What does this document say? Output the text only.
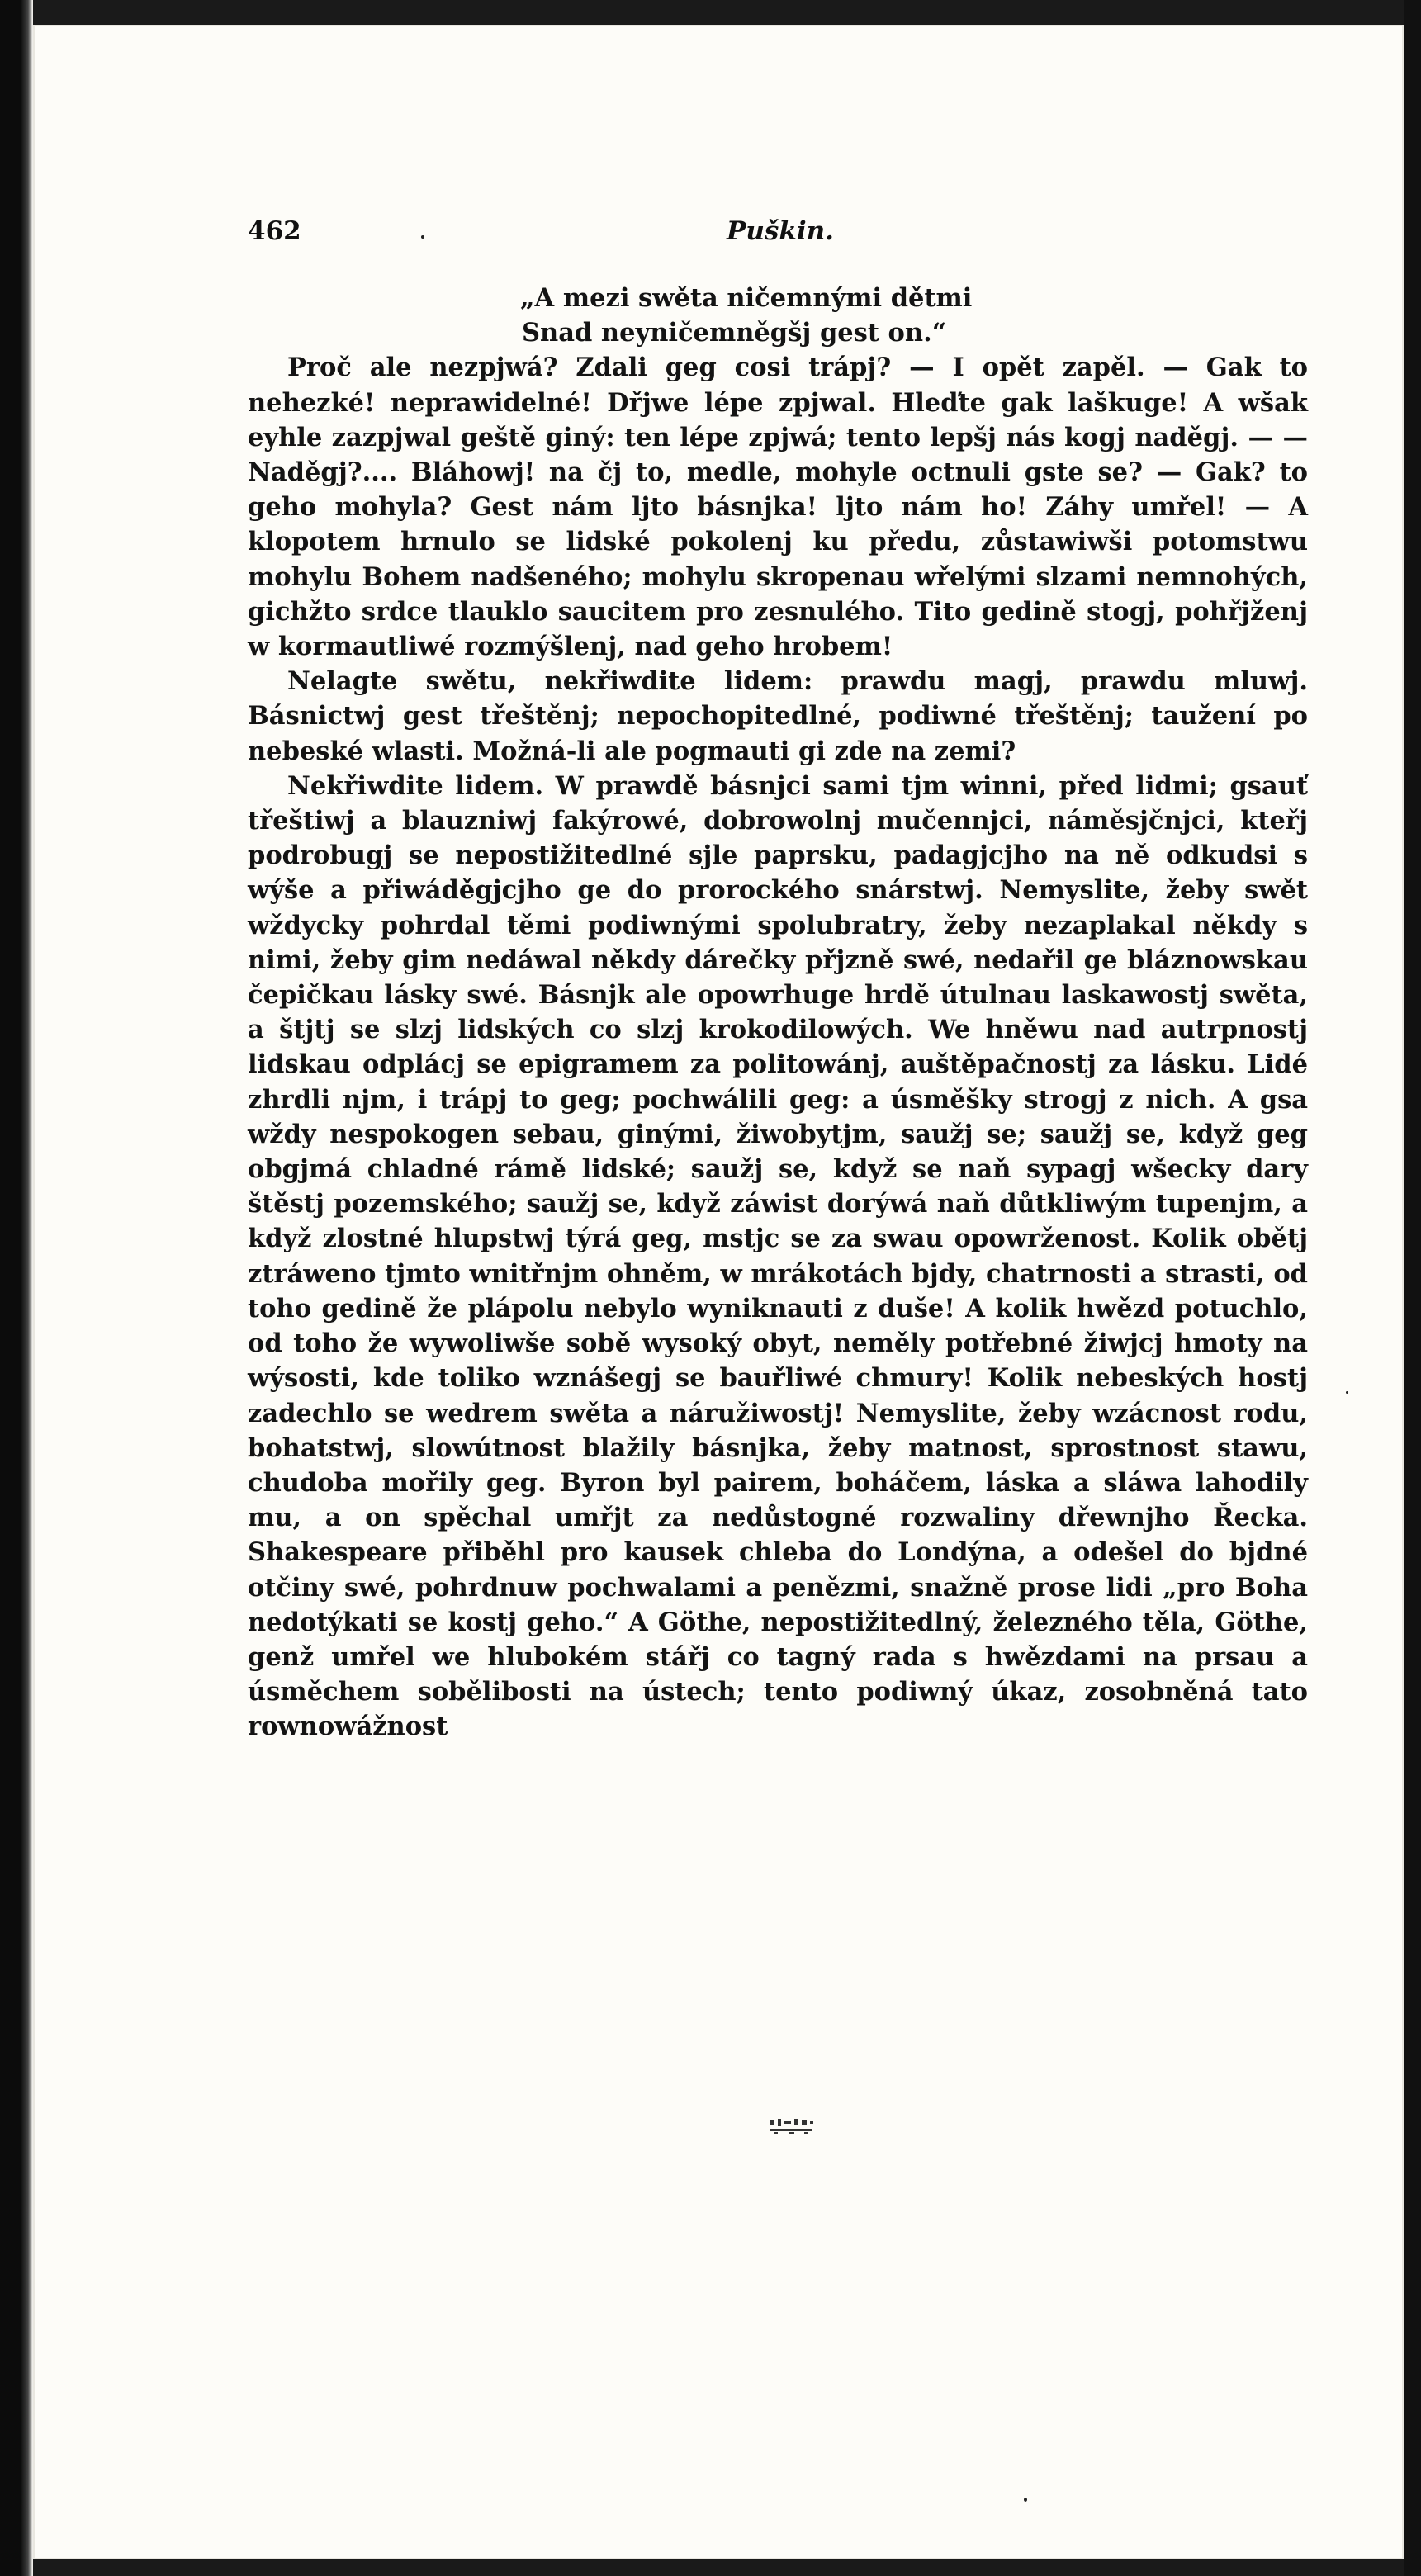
462	Puškin.
„A mezi swěta ničemnými dětmi
Snad neyničemněgšj gest on.“

Proč ale nezpjwá? Zdali geg cosi trápj? — I opět zapěl. — Gak to nehezké! neprawidelné! Dřjwe lépe zpjwal. Hleďte gak laškuge! A wšak eyhle zazpjwal geště giný: ten lépe zpjwá; tento lepšj nás kogj naděgj. — — Naděgj?.... Bláhowj! na čj to, medle, mohyle octnuli gste se? — Gak? to geho mohyla? Gest nám ljto básnjka! ljto nám ho! Záhy umřel! — A klopotem hrnulo se lidské pokolenj ku předu, zůstawiwši potomstwu mohylu Bohem nadšeného; mohylu skropenau wřelými slzami nemnohých, gichžto srdce tlauklo saucitem pro zesnulého. Tito gedině stogj, pohřjženj w kormautliwé rozmýšlenj, nad geho hrobem!

Nelagte swětu, nekřiwdite lidem: prawdu magj, prawdu mluwj. Básnictwj gest třeštěnj; nepochopitedlné, podiwné třeštěnj; taužení po nebeské wlasti. Možná-li ale pogmauti gi zde na zemi?

Nekřiwdite lidem. W prawdě básnjci sami tjm winni, před lidmi; gsauť třeštiwj a blauzniwj fakýrowé, dobrowolnj mučennjci, náměsjčnjci, kteřj podrobugj se nepostižitedlné sjle paprsku, padagjcjho na ně odkudsi s wýše a přiwáděgjcjho ge do prorockého snárstwj. Nemyslite, žeby swět wždycky pohrdal těmi podiwnými spolubratry, žeby nezaplakal někdy s nimi, žeby gim nedáwal někdy dárečky přjzně swé, nedařil ge bláznowskau čepičkau lásky swé. Básnjk ale opowrhuge hrdě útulnau laskawostj swěta, a štjtj se slzj lidských co slzj krokodilowých. We hněwu nad autrpnostj lidskau odplácj se epigramem za politowánj, auštěpačnostj za lásku. Lidé zhrdli njm, i trápj to geg; pochwálili geg: a úsměšky strogj z nich. A gsa wždy nespokogen sebau, ginými, žiwobytjm, saužj se; saužj se, když geg obgjmá chladné rámě lidské; saužj se, když se naň sypagj wšecky dary štěstj pozemského; saužj se, když záwist dorýwá naň důtkliwým tupenjm, a když zlostné hlupstwj týrá geg, mstjc se za swau opowrženost. Kolik obětj ztráweno tjmto wnitřnjm ohněm, w mrákotách bjdy, chatrnosti a strasti, od toho gedině že plápolu nebylo wyniknauti z duše! A kolik hwězd potuchlo, od toho že wywoliwše sobě wysoký obyt, neměly potřebné žiwjcj hmoty na wýsosti, kde toliko wznášegj se bauřliwé chmury! Kolik nebeských hostj zadechlo se wedrem swěta a náružiwostj! Nemyslite, žeby wzácnost rodu, bohatstwj, slowútnost blažily básnjka, žeby matnost, sprostnost stawu, chudoba mořily geg. Byron byl pairem, boháčem, láska a sláwa lahodily mu, a on spěchal umřjt za nedůstogné rozwaliny dřewnjho Řecka. Shakespeare přiběhl pro kausek chleba do Londýna, a odešel do bjdné otčiny swé, pohrdnuw pochwalami a penězmi, snažně prose lidi „pro Boha nedotýkati se kostj geho.“ A Göthe, nepostižitedlný, železného těla, Göthe, genž umřel we hlubokém stářj co tagný rada s hwězdami na prsau a úsměchem sobělibosti na ústech; tento podiwný úkaz, zosobněná tato rownowážnost
